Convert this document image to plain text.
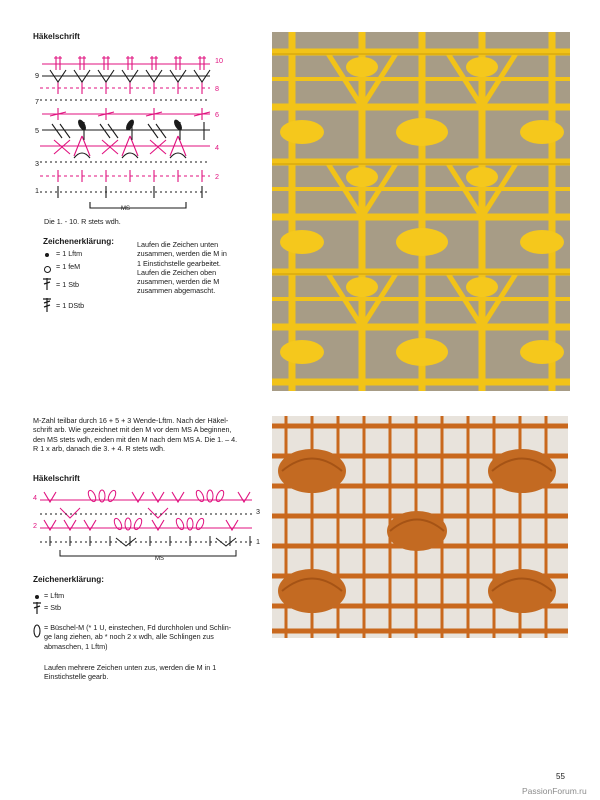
Häkelschrift
9
7
5
3
1
10
8
6
4
2
MS
Die 1. - 10. R stets wdh.
Zeichenerklärung:
= 1 Lftm
= 1 feM
= 1 Stb
= 1 DStb
Laufen die Zeichen unten
zusammen, werden die M in
1 Einstichstelle gearbeitet.
Laufen die Zeichen oben
zusammen, werden die M
zusammen abgemascht.
M-Zahl teilbar durch 16 + 5 + 3 Wende-Lftm. Nach der Häkel-
schrift arb. Wie gezeichnet mit den M vor dem MS A beginnen,
den MS stets wdh, enden mit den M nach dem MS A. Die 1. – 4.
R 1 x arb, danach die 3. + 4. R stets wdh.
Häkelschrift
4
2
3
1
MS
Zeichenerklärung:
= Lftm
= Stb
= Büschel-M (* 1 U, einstechen, Fd durchholen und Schlin-
ge lang ziehen, ab * noch 2 x wdh, alle Schlingen zus
abmaschen, 1 Lftm)
Laufen mehrere Zeichen unten zus, werden die M in 1
Einstichstelle gearb.
55
PassionForum.ru
